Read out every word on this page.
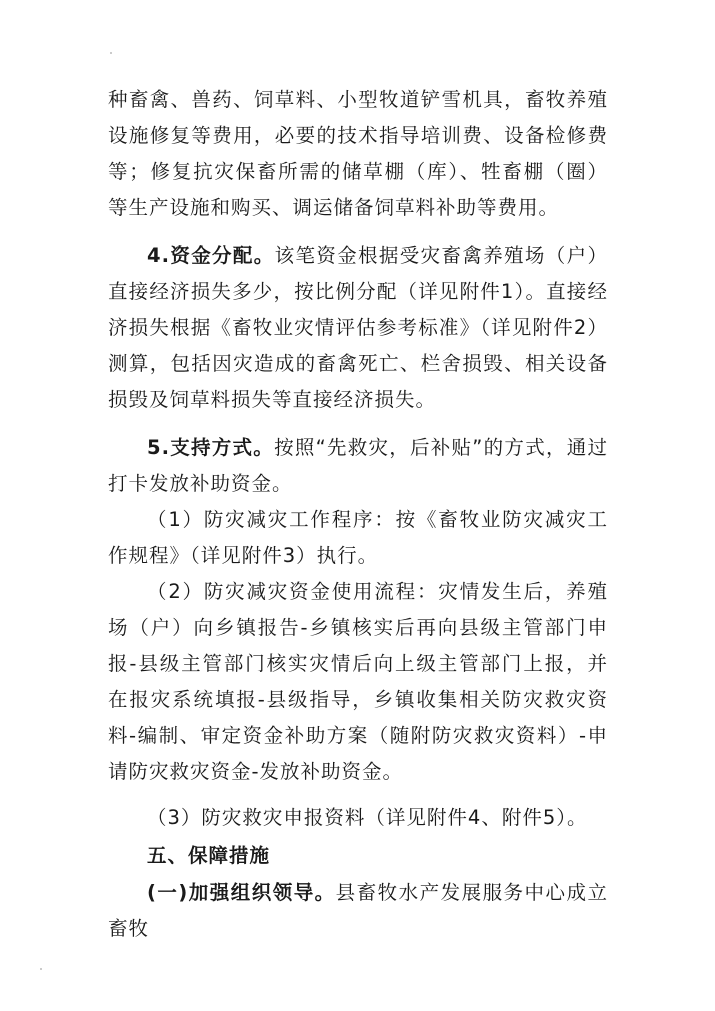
种畜禽、兽药、饲草料、小型牧道铲雪机具，畜牧养殖设施修复等费用，必要的技术指导培训费、设备检修费等；修复抗灾保畜所需的储草棚（库）、牲畜棚（圈）等生产设施和购买、调运储备饲草料补助等费用。

4.资金分配。该笔资金根据受灾畜禽养殖场（户）直接经济损失多少，按比例分配（详见附件1）。直接经济损失根据《畜牧业灾情评估参考标准》（详见附件2）测算，包括因灾造成的畜禽死亡、栏舍损毁、相关设备损毁及饲草料损失等直接经济损失。

5.支持方式。按照“先救灾，后补贴”的方式，通过打卡发放补助资金。

（1）防灾减灾工作程序：按《畜牧业防灾减灾工作规程》（详见附件3）执行。

（2）防灾减灾资金使用流程：灾情发生后，养殖场（户）向乡镇报告-乡镇核实后再向县级主管部门申报-县级主管部门核实灾情后向上级主管部门上报，并在报灾系统填报-县级指导，乡镇收集相关防灾救灾资料-编制、审定资金补助方案（随附防灾救灾资料）-申请防灾救灾资金-发放补助资金。

（3）防灾救灾申报资料（详见附件4、附件5）。

五、保障措施

(一)加强组织领导。县畜牧水产发展服务中心成立畜牧
